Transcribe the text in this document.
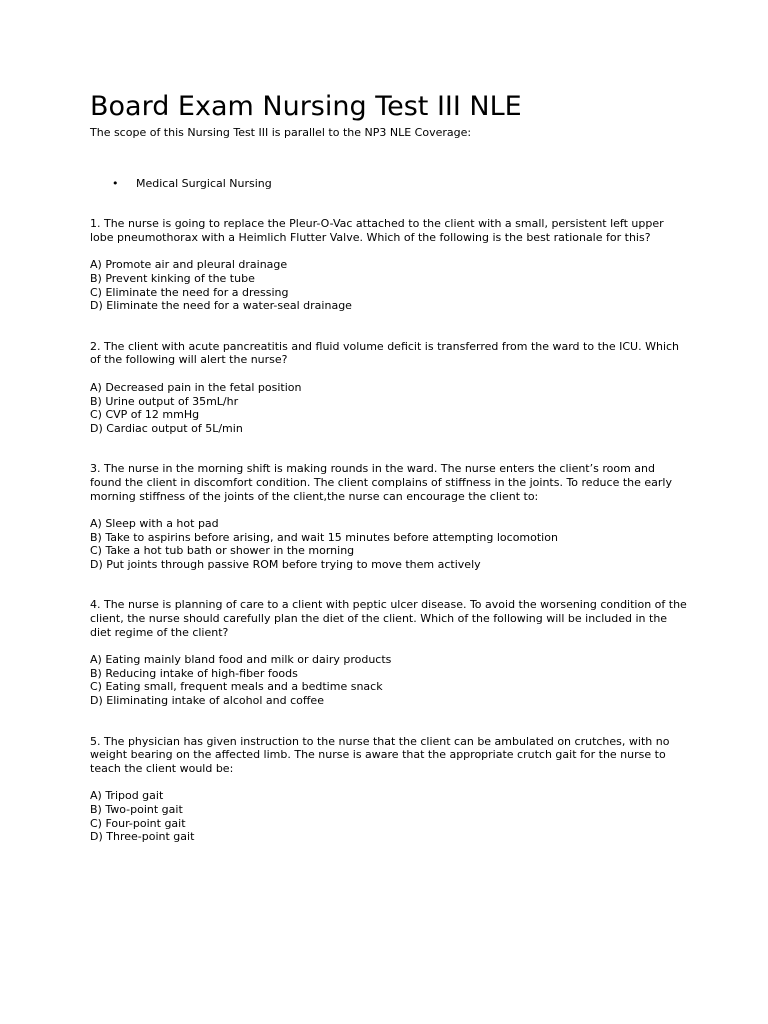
Board Exam Nursing Test III NLE

The scope of this Nursing Test III is parallel to the NP3 NLE Coverage:

• Medical Surgical Nursing

1. The nurse is going to replace the Pleur-O-Vac attached to the client with a small, persistent left upper lobe pneumothorax with a Heimlich Flutter Valve. Which of the following is the best rationale for this?

A) Promote air and pleural drainage
B) Prevent kinking of the tube
C) Eliminate the need for a dressing
D) Eliminate the need for a water-seal drainage

2. The client with acute pancreatitis and fluid volume deficit is transferred from the ward to the ICU. Which of the following will alert the nurse?

A) Decreased pain in the fetal position
B) Urine output of 35mL/hr
C) CVP of 12 mmHg
D) Cardiac output of 5L/min

3. The nurse in the morning shift is making rounds in the ward. The nurse enters the client’s room and found the client in discomfort condition. The client complains of stiffness in the joints. To reduce the early morning stiffness of the joints of the client,the nurse can encourage the client to:

A) Sleep with a hot pad
B) Take to aspirins before arising, and wait 15 minutes before attempting locomotion
C) Take a hot tub bath or shower in the morning
D) Put joints through passive ROM before trying to move them actively

4. The nurse is planning of care to a client with peptic ulcer disease. To avoid the worsening condition of the client, the nurse should carefully plan the diet of the client. Which of the following will be included in the diet regime of the client?

A) Eating mainly bland food and milk or dairy products
B) Reducing intake of high-fiber foods
C) Eating small, frequent meals and a bedtime snack
D) Eliminating intake of alcohol and coffee

5. The physician has given instruction to the nurse that the client can be ambulated on crutches, with no weight bearing on the affected limb. The nurse is aware that the appropriate crutch gait for the nurse to teach the client would be:

A) Tripod gait
B) Two-point gait
C) Four-point gait
D) Three-point gait
